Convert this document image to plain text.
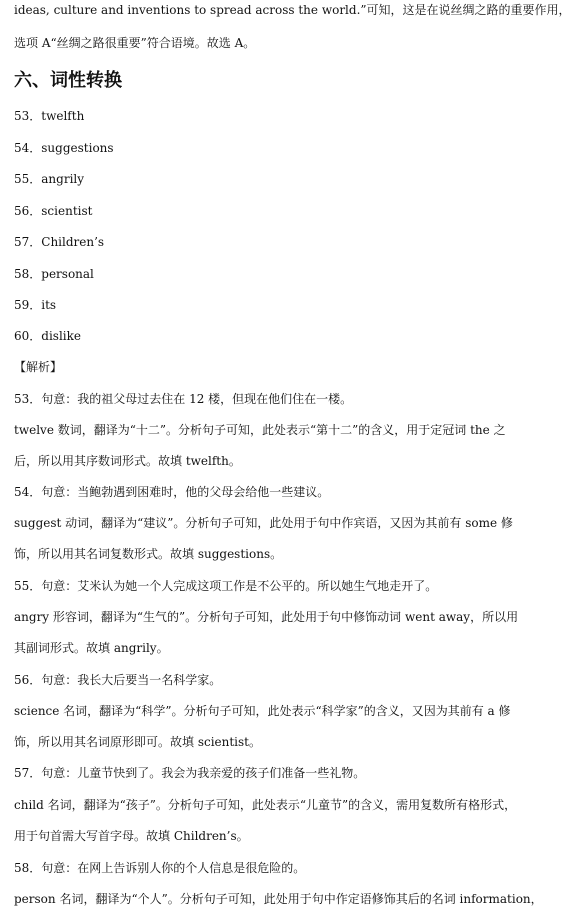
ideas, culture and inventions to spread across the world.”可知，这是在说丝绸之路的重要作用，
选项 A“丝绸之路很重要”符合语境。故选 A。
六、词性转换
53．twelfth
54．suggestions
55．angrily
56．scientist
57．Children’s
58．personal
59．its
60．dislike
【解析】
53．句意：我的祖父母过去住在 12 楼，但现在他们住在一楼。
twelve 数词，翻译为“十二”。分析句子可知，此处表示“第十二”的含义，用于定冠词 the 之
后，所以用其序数词形式。故填 twelfth。
54．句意：当鲍勃遇到困难时，他的父母会给他一些建议。
suggest 动词，翻译为“建议”。分析句子可知，此处用于句中作宾语，又因为其前有 some 修
饰，所以用其名词复数形式。故填 suggestions。
55．句意：艾米认为她一个人完成这项工作是不公平的。所以她生气地走开了。
angry 形容词，翻译为“生气的”。分析句子可知，此处用于句中修饰动词 went away，所以用
其副词形式。故填 angrily。
56．句意：我长大后要当一名科学家。
science 名词，翻译为“科学”。分析句子可知，此处表示“科学家”的含义，又因为其前有 a 修
饰，所以用其名词原形即可。故填 scientist。
57．句意：儿童节快到了。我会为我亲爱的孩子们准备一些礼物。
child 名词，翻译为“孩子”。分析句子可知，此处表示“儿童节”的含义，需用复数所有格形式，
用于句首需大写首字母。故填 Children’s。
58．句意：在网上告诉别人你的个人信息是很危险的。
person 名词，翻译为“个人”。分析句子可知，此处用于句中作定语修饰其后的名词 information，
